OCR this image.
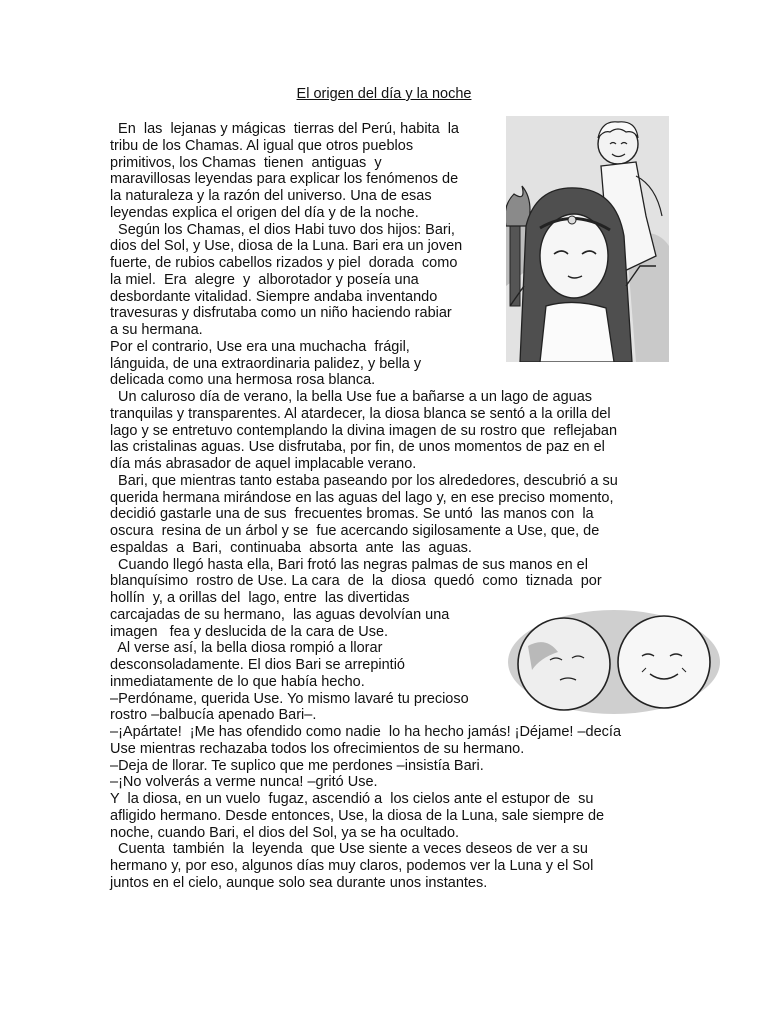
El origen del día y la noche

En  las  lejanas y mágicas  tierras del Perú, habita  la

tribu de los Chamas. Al igual que otros pueblos

primitivos, los Chamas  tienen  antiguas  y

maravillosas leyendas para explicar los fenómenos de

la naturaleza y la razón del universo. Una de esas

leyendas explica el origen del día y de la noche.

Según los Chamas, el dios Habi tuvo dos hijos: Bari,

dios del Sol, y Use, diosa de la Luna. Bari era un joven

fuerte, de rubios cabellos rizados y piel  dorada  como

la miel.  Era  alegre  y  alborotador y poseía una

desbordante vitalidad. Siempre andaba inventando

travesuras y disfrutaba como un niño haciendo rabiar

a su hermana.

Por el contrario, Use era una muchacha  frágil,

lánguida, de una extraordinaria palidez, y bella y

delicada como una hermosa rosa blanca.

Un caluroso día de verano, la bella Use fue a bañarse a un lago de aguas

tranquilas y transparentes. Al atardecer, la diosa blanca se sentó a la orilla del

lago y se entretuvo contemplando la divina imagen de su rostro que  reflejaban

las cristalinas aguas. Use disfrutaba, por fin, de unos momentos de paz en el

día más abrasador de aquel implacable verano.

Bari, que mientras tanto estaba paseando por los alrededores, descubrió a su

querida hermana mirándose en las aguas del lago y, en ese preciso momento,

decidió gastarle una de sus  frecuentes bromas. Se untó  las manos con  la

oscura  resina de un árbol y se  fue acercando sigilosamente a Use, que, de

espaldas  a  Bari,  continuaba  absorta  ante  las  aguas.

Cuando llegó hasta ella, Bari frotó las negras palmas de sus manos en el

blanquísimo  rostro de Use. La cara  de  la  diosa  quedó  como  tiznada  por

hollín  y, a orillas del  lago, entre  las divertidas

carcajadas de su hermano,  las aguas devolvían una

imagen   fea y deslucida de la cara de Use.

Al verse así, la bella diosa rompió a llorar

desconsoladamente. El dios Bari se arrepintió

inmediatamente de lo que había hecho.

–Perdóname, querida Use. Yo mismo lavaré tu precioso

rostro –balbucía apenado Bari–.

–¡Apártate!  ¡Me has ofendido como nadie  lo ha hecho jamás! ¡Déjame! –decía

Use mientras rechazaba todos los ofrecimientos de su hermano.

–Deja de llorar. Te suplico que me perdones –insistía Bari.

–¡No volverás a verme nunca! –gritó Use.

Y  la diosa, en un vuelo  fugaz, ascendió a  los cielos ante el estupor de  su

afligido hermano. Desde entonces, Use, la diosa de la Luna, sale siempre de

noche, cuando Bari, el dios del Sol, ya se ha ocultado.

Cuenta  también  la  leyenda  que Use siente a veces deseos de ver a su

hermano y, por eso, algunos días muy claros, podemos ver la Luna y el Sol

juntos en el cielo, aunque solo sea durante unos instantes.
